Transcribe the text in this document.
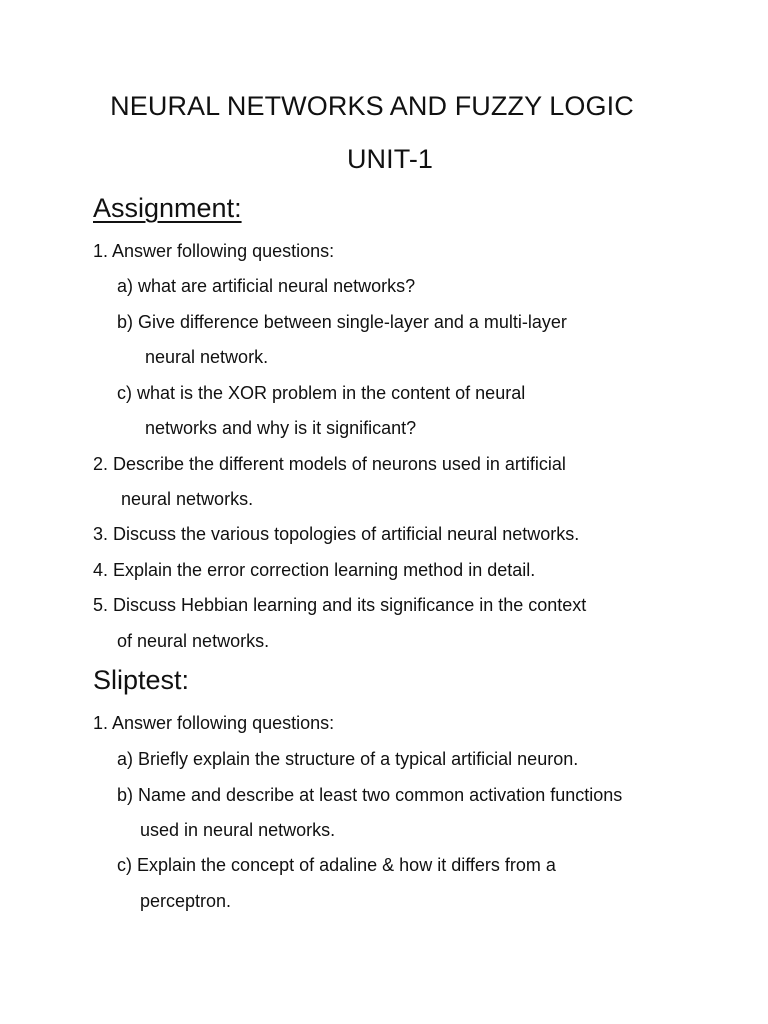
NEURAL NETWORKS AND FUZZY LOGIC
UNIT-1
Assignment:
1. Answer following questions:
a) what are artificial neural networks?
b) Give difference between single-layer and a multi-layer
neural network.
c) what is the XOR problem in the content of neural
networks and why is it significant?
2. Describe the different models of neurons used in artificial
neural networks.
3. Discuss the various topologies of artificial neural networks.
4. Explain the error correction learning method in detail.
5. Discuss Hebbian learning and its significance in the context
of neural networks.
Sliptest:
1. Answer following questions:
a) Briefly explain the structure of a typical artificial neuron.
b) Name and describe at least two common activation functions
used in neural networks.
c) Explain the concept of adaline & how it differs from a
perceptron.
